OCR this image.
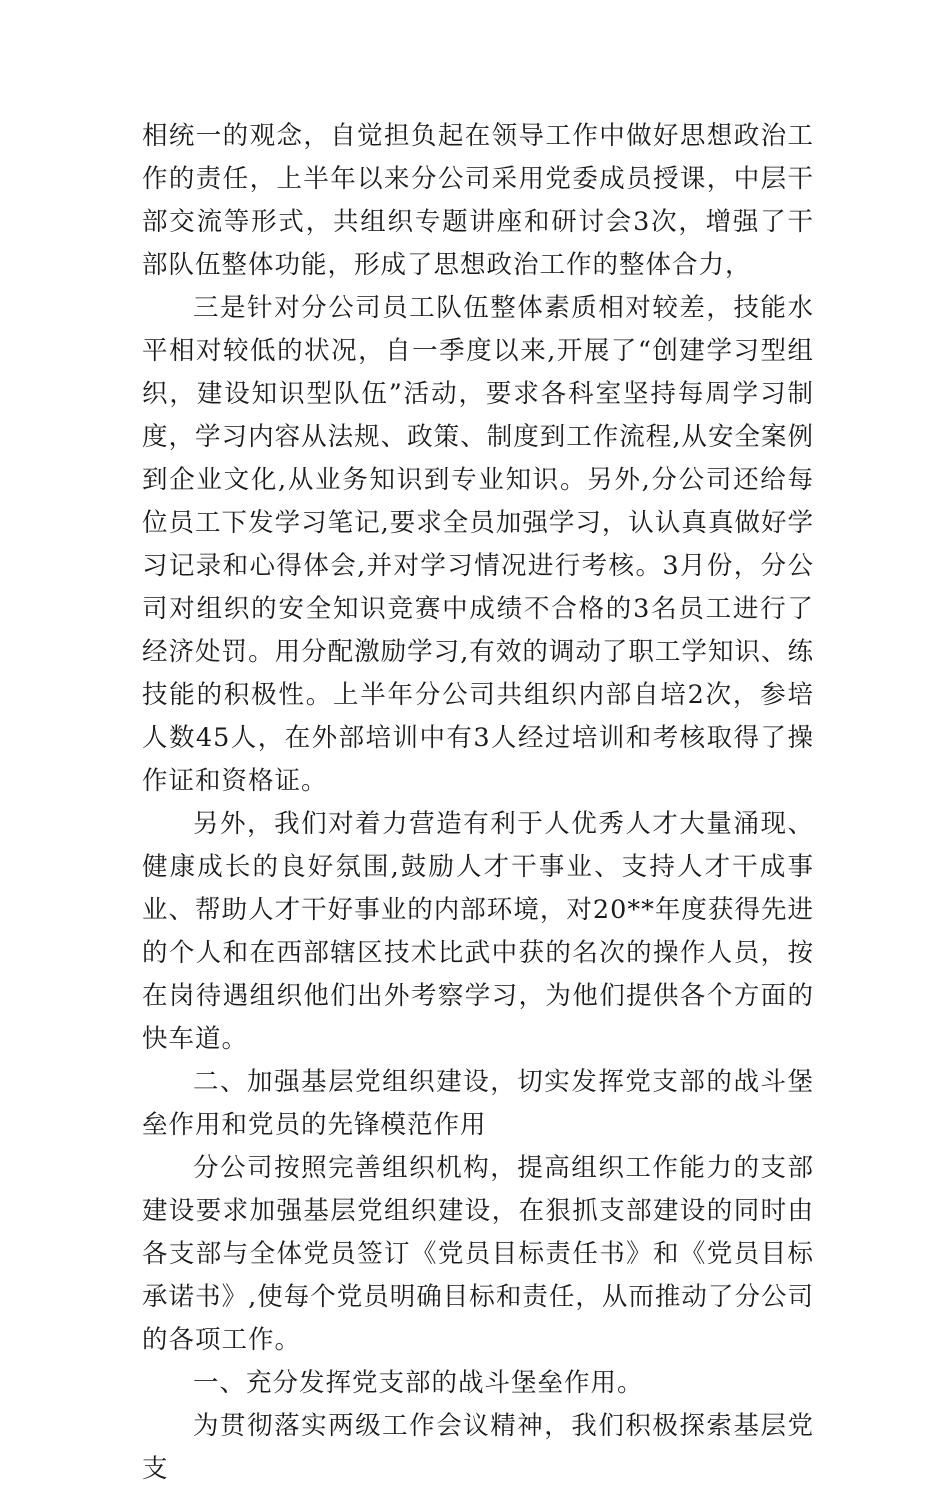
相统一的观念，自觉担负起在领导工作中做好思想政治工作的责任，上半年以来分公司采用党委成员授课，中层干部交流等形式，共组织专题讲座和研讨会3次，增强了干部队伍整体功能，形成了思想政治工作的整体合力，

三是针对分公司员工队伍整体素质相对较差，技能水平相对较低的状况，自一季度以来,开展了“创建学习型组织，建设知识型队伍”活动，要求各科室坚持每周学习制度，学习内容从法规、政策、制度到工作流程,从安全案例到企业文化,从业务知识到专业知识。另外,分公司还给每位员工下发学习笔记,要求全员加强学习，认认真真做好学习记录和心得体会,并对学习情况进行考核。3月份，分公司对组织的安全知识竞赛中成绩不合格的3名员工进行了经济处罚。用分配激励学习,有效的调动了职工学知识、练技能的积极性。上半年分公司共组织内部自培2次，参培人数45人，在外部培训中有3人经过培训和考核取得了操作证和资格证。

另外，我们对着力营造有利于人优秀人才大量涌现、健康成长的良好氛围,鼓励人才干事业、支持人才干成事业、帮助人才干好事业的内部环境，对20**年度获得先进的个人和在西部辖区技术比武中获的名次的操作人员，按在岗待遇组织他们出外考察学习，为他们提供各个方面的快车道。

二、加强基层党组织建设，切实发挥党支部的战斗堡垒作用和党员的先锋模范作用

分公司按照完善组织机构，提高组织工作能力的支部建设要求加强基层党组织建设，在狠抓支部建设的同时由各支部与全体党员签订《党员目标责任书》和《党员目标承诺书》,使每个党员明确目标和责任，从而推动了分公司的各项工作。

一、充分发挥党支部的战斗堡垒作用。

为贯彻落实两级工作会议精神，我们积极探索基层党支
